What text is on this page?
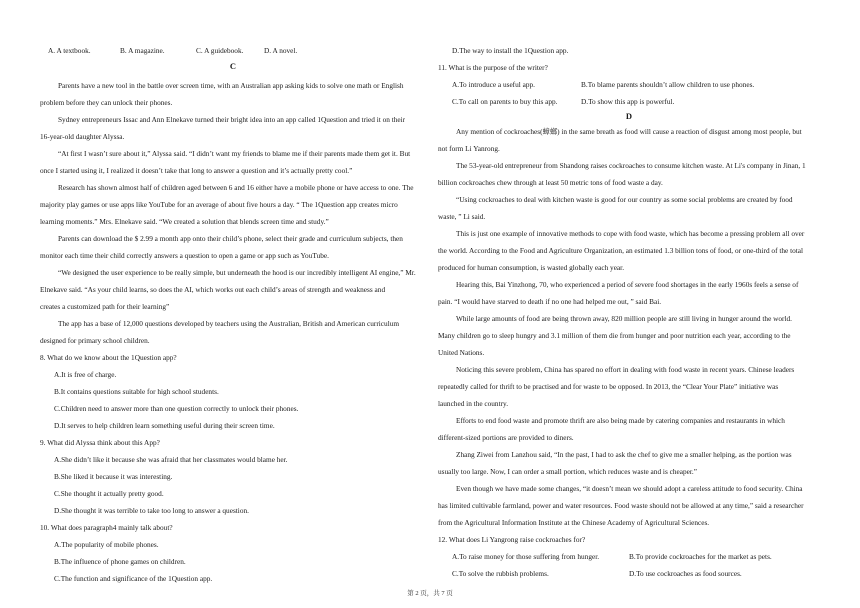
A. A textbook.	B. A magazine.	C. A guidebook.	D. A novel.
C
Parents have a new tool in the battle over screen time, with an Australian app asking kids to solve one math or English
problem before they can unlock their phones.
Sydney entrepreneurs Issac and Ann Elnekave turned their bright idea into an app called 1Question and tried it on their
16-year-old daughter Alyssa.
“At first I wasn’t sure about it,” Alyssa said. “I didn’t want my friends to blame me if their parents made them get it. But
once I started using it, I realized it doesn’t take that long to answer a question and it’s actually pretty cool.”
Research has shown almost half of children aged between 6 and 16 either have a mobile phone or have access to one. The
majority play games or use apps like YouTube for an average of about five hours a day. “ The 1Question app creates micro
learning moments.” Mrs. Elnekave said. “We created a solution that blends screen time and study.”
Parents can download the $ 2.99 a month app onto their child’s phone, select their grade and curriculum subjects, then
monitor each time their child correctly answers a question to open a game or app such as YouTube.
“We designed the user experience to be really simple, but underneath the hood is our incredibly intelligent AI engine,” Mr.
Elnekave said. “As your child learns, so does the AI, which works out each child’s areas of strength and weakness and
creates a customized path for their learning”
The app has a base of 12,000 questions developed by teachers using the Australian, British and American curriculum
designed for primary school children.
8. What do we know about the 1Question app?
A.It is free of charge.
B.It contains questions suitable for high school students.
C.Children need to answer more than one question correctly to unlock their phones.
D.It serves to help children learn something useful during their screen time.
9. What did Alyssa think about this App?
A.She didn’t like it because she was afraid that her classmates would blame her.
B.She liked it because it was interesting.
C.She thought it actually pretty good.
D.She thought it was terrible to take too long to answer a question.
10. What does paragraph4 mainly talk about?
A.The popularity of mobile phones.
B.The influence of phone games on children.
C.The function and significance of the 1Question app.
D.The way to install the 1Question app.
11. What is the purpose of the writer?
A.To introduce a useful app.	B.To blame parents shouldn’t allow children to use phones.
C.To call on parents to buy this app.	D.To show this app is powerful.
D
Any mention of cockroaches(蟑螂) in the same breath as food will cause a reaction of disgust among most people, but
not form Li Yanrong.
The 53-year-old entrepreneur from Shandong raises cockroaches to consume kitchen waste. At Li's company in Jinan, 1
billion cockroaches chew through at least 50 metric tons of food waste a day.
“Using cockroaches to deal with kitchen waste is good for our country as some social problems are created by food
waste, ” Li said.
This is just one example of innovative methods to cope with food waste, which has become a pressing problem all over
the world. According to the Food and Agriculture Organization, an estimated 1.3 billion tons of food, or one-third of the total
produced for human consumption, is wasted globally each year.
Hearing this, Bai Yinzhong, 70, who experienced a period of severe food shortages in the early 1960s feels a sense of
pain. “I would have starved to death if no one had helped me out, ” said Bai.
While large amounts of food are being thrown away, 820 million people are still living in hunger around the world.
Many children go to sleep hungry and 3.1 million of them die from hunger and poor nutrition each year, according to the
United Nations.
Noticing this severe problem, China has spared no effort in dealing with food waste in recent years. Chinese leaders
repeatedly called for thrift to be practised and for waste to be opposed. In 2013, the “Clear Your Plate” initiative was
launched in the country.
Efforts to end food waste and promote thrift are also being made by catering companies and restaurants in which
different-sized portions are provided to diners.
Zhang Ziwei from Lanzhou said, “In the past, I had to ask the chef to give me a smaller helping, as the portion was
usually too large. Now, I can order a small portion, which reduces waste and is cheaper.”
Even though we have made some changes, “it doesn’t mean we should adopt a careless attitude to food security. China
has limited cultivable farmland, power and water resources. Food waste should not be allowed at any time,” said a researcher
from the Agricultural Information Institute at the Chinese Academy of Agricultural Sciences.
12. What does Li Yangrong raise cockroaches for?
A.To raise money for those suffering from hunger.	B.To provide cockroaches for the market as pets.
C.To solve the rubbish problems.	D.To use cockroaches as food sources.
第 2 页，共 7 页
